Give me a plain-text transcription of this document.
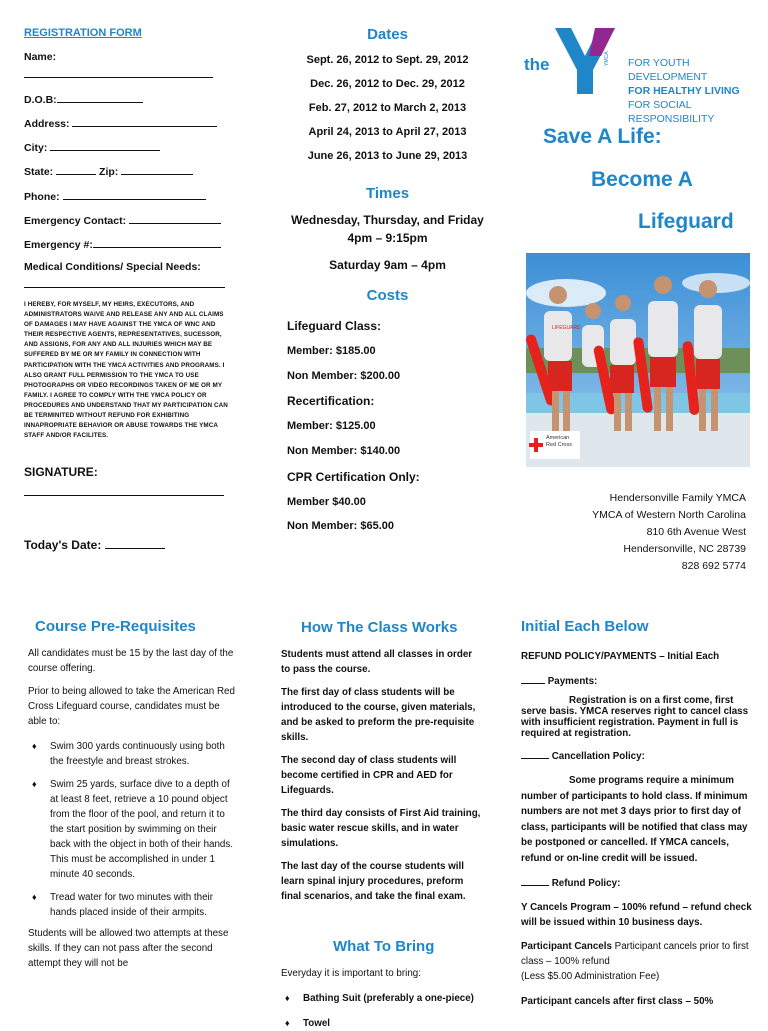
REGISTRATION FORM
Name:
D.O.B:
Address:
City:
State:	Zip:
Phone:
Emergency Contact:
Emergency #:
Medical Conditions/ Special Needs:
I HEREBY, FOR MYSELF, MY HEIRS, EXECUTORS, AND ADMINISTRATORS WAIVE AND RELEASE ANY AND ALL CLAIMS OF DAMAGES I MAY HAVE AGAINST THE YMCA OF WNC AND THEIR RESPECTIVE AGENTS, REPRESENTATIVES, SUCESSOR, AND ASSIGNS, FOR ANY AND ALL INJURIES WHICH MAY BE SUFFERED BY ME OR MY FAMILY IN CONNECTION WITH PARTICIPATION WITH THE YMCA ACTIVITIES AND PROGRAMS. I ALSO GRANT FULL PERMISSION TO THE YMCA TO USE PHOTOGRAPHS OR VIDEO RECORDINGS TAKEN OF ME OR MY FAMILY. I AGREE TO COMPLY WITH THE YMCA POLICY OR PROCEDURES AND UNDERSTAND THAT MY PARTICIPATION CAN BE TERMINITED WITHOUT REFUND FOR EXHIBITING INNAPROPRIATE BEHAVIOR OR ABUSE TOWARDS THE YMCA STAFF AND/OR FACILITES.
SIGNATURE:
Today's Date:
Dates
Sept. 26, 2012 to Sept. 29, 2012
Dec. 26, 2012 to Dec. 29, 2012
Feb. 27, 2012 to March 2, 2013
April 24, 2013 to April 27, 2013
June 26, 2013 to June 29, 2013
Times
Wednesday, Thursday, and Friday
4pm – 9:15pm
Saturday 9am – 4pm
Costs
Lifeguard Class:
Member: $185.00
Non Member: $200.00
Recertification:
Member: $125.00
Non Member: $140.00
CPR Certification Only:
Member $40.00
Non Member: $65.00
the	YMCA FOR YOUTH DEVELOPMENT
FOR HEALTHY LIVING
FOR SOCIAL RESPONSIBILITY
Save A Life:
Become A
Lifeguard
LIFEGUARD
American Red Cross
Hendersonville Family YMCA
YMCA of Western North Carolina
810 6th Avenue West
Hendersonville, NC 28739
828 692 5774
Course Pre-Requisites
All candidates must be 15 by the last day of the course offering.
Prior to being allowed to take the American Red Cross Lifeguard course, candidates must be able to:
♦ Swim 300 yards continuously using both the freestyle and breast strokes.
♦ Swim 25 yards, surface dive to a depth of at least 8 feet, retrieve a 10 pound object from the floor of the pool, and return it to the start position by swimming on their back with the object in both of their hands. This must be accomplished in under 1 minute 40 seconds.
♦ Tread water for two minutes with their hands placed inside of their armpits.
Students will be allowed two attempts at these skills. If they can not pass after the second attempt they will not be
How The Class Works
Students must attend all classes in order to pass the course.
The first day of class students will be introduced to the course, given materials, and be asked to preform the pre-requisite skills.
The second day of class students will become certified in CPR and AED for Lifeguards.
The third day consists of First Aid training, basic water rescue skills, and in water simulations.
The last day of the course students will learn spinal injury procedures, preform final scenarios, and take the final exam.
What To Bring
Everyday it is important to bring:
♦ Bathing Suit (preferably a one-piece)
♦ Towel
Initial Each Below
REFUND POLICY/PAYMENTS – Initial Each
Payments:
Registration is on a first come, first serve basis. YMCA reserves right to cancel class with insufficient registration. Payment in full is required at registration.
Cancellation Policy:
Some programs require a minimum number of participants to hold class. If minimum numbers are not met 3 days prior to first day of class, participants will be notified that class may be postponed or cancelled. If YMCA cancels, refund or on-line credit will be issued.
Refund Policy:
Y Cancels Program – 100% refund – refund check will be issued within 10 business days.
Participant Cancels Participant cancels prior to first class – 100% refund
(Less $5.00 Administration Fee)
Participant cancels after first class – 50%
